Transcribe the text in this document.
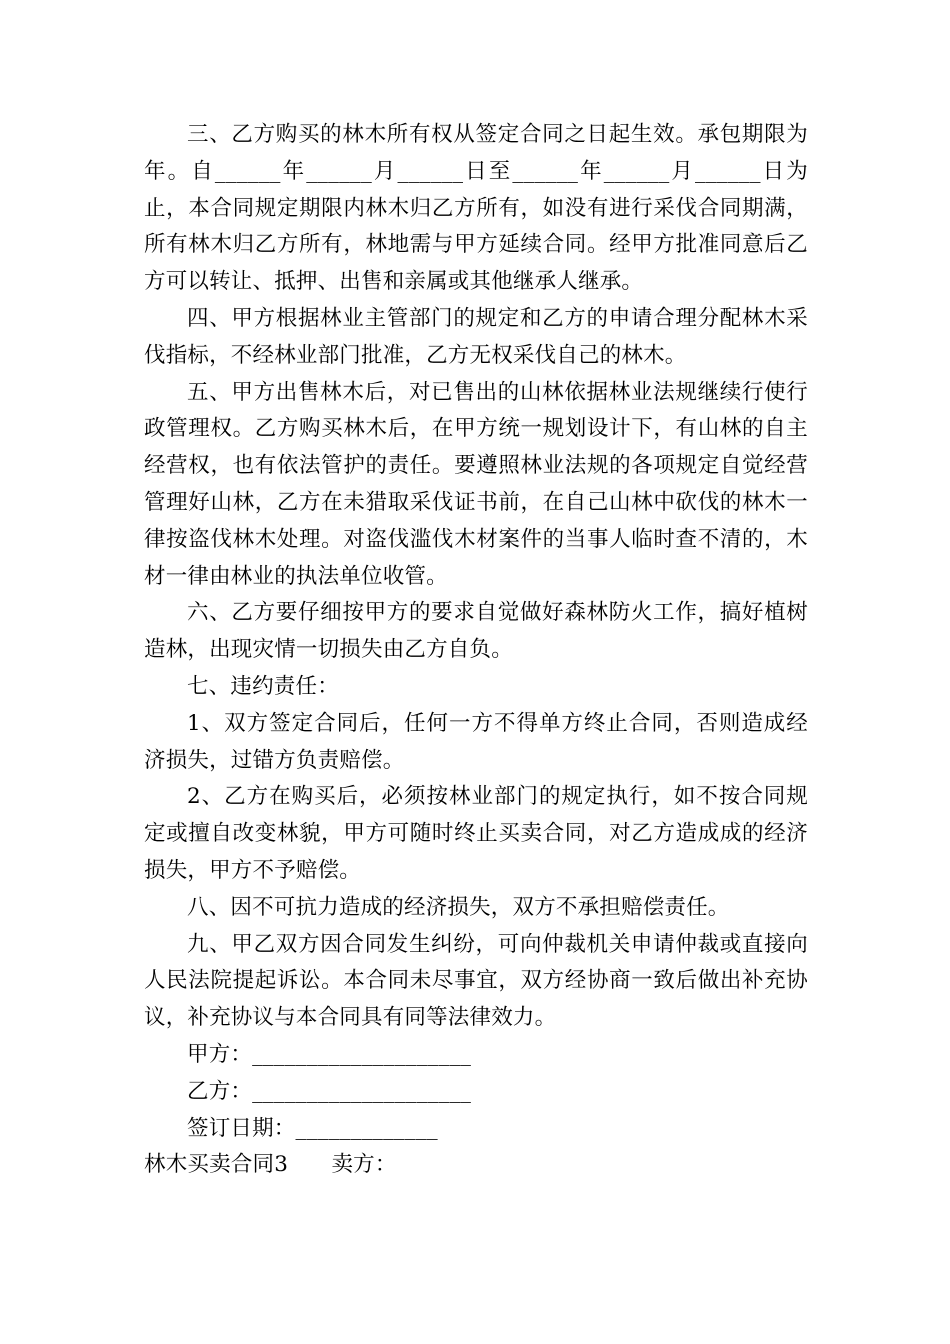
三、乙方购买的林木所有权从签定合同之日起生效。承包期限为年。自______年______月______日至______年______月______日为止，本合同规定期限内林木归乙方所有，如没有进行采伐合同期满，所有林木归乙方所有，林地需与甲方延续合同。经甲方批准同意后乙方可以转让、抵押、出售和亲属或其他继承人继承。

四、甲方根据林业主管部门的规定和乙方的申请合理分配林木采伐指标，不经林业部门批准，乙方无权采伐自己的林木。

五、甲方出售林木后，对已售出的山林依据林业法规继续行使行政管理权。乙方购买林木后，在甲方统一规划设计下，有山林的自主经营权，也有依法管护的责任。要遵照林业法规的各项规定自觉经营管理好山林，乙方在未猎取采伐证书前，在自己山林中砍伐的林木一律按盗伐林木处理。对盗伐滥伐木材案件的当事人临时查不清的，木材一律由林业的执法单位收管。

六、乙方要仔细按甲方的要求自觉做好森林防火工作，搞好植树造林，出现灾情一切损失由乙方自负。

七、违约责任：

1、双方签定合同后，任何一方不得单方终止合同，否则造成经济损失，过错方负责赔偿。

2、乙方在购买后，必须按林业部门的规定执行，如不按合同规定或擅自改变林貌，甲方可随时终止买卖合同，对乙方造成成的经济损失，甲方不予赔偿。

八、因不可抗力造成的经济损失，双方不承担赔偿责任。

九、甲乙双方因合同发生纠纷，可向仲裁机关申请仲裁或直接向人民法院提起诉讼。本合同未尽事宜，双方经协商一致后做出补充协议，补充协议与本合同具有同等法律效力。

甲方：____________________

乙方：____________________

签订日期：_____________

林木买卖合同3　　卖方：
